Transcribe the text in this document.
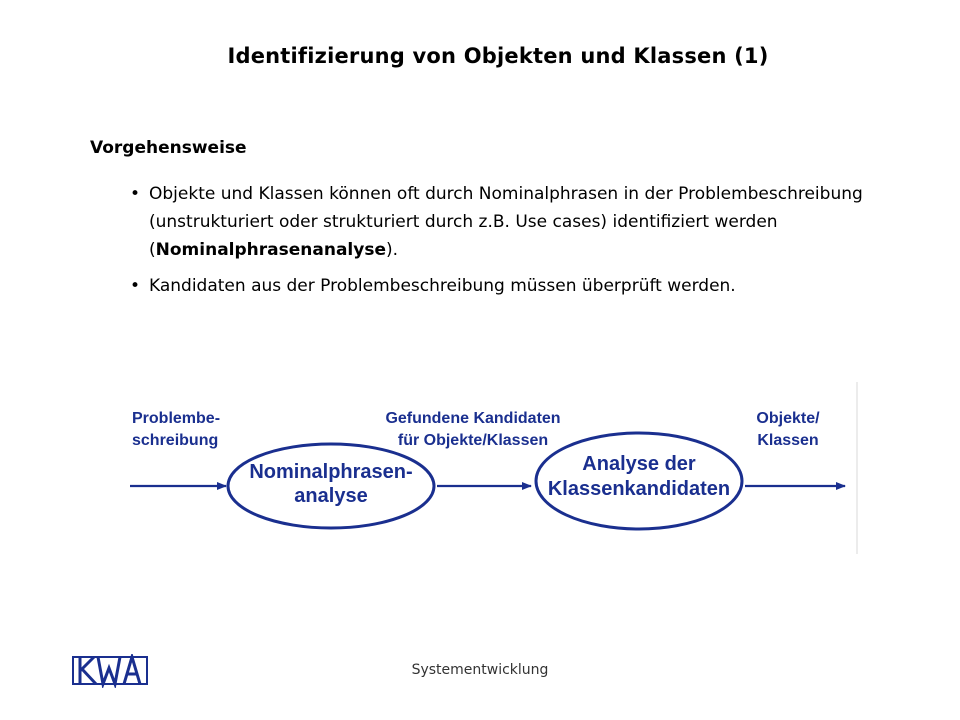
Identifizierung von Objekten und Klassen (1)
Vorgehensweise
• Objekte und Klassen können oft durch Nominalphrasen in der Problembeschreibung (unstrukturiert oder strukturiert durch z.B. Use cases) identifiziert werden (Nominalphrasenanalyse).
• Kandidaten aus der Problembeschreibung müssen überprüft werden.
Problembe-
schreibung
Nominalphrasen-
analyse
Gefundene Kandidaten
für Objekte/Klassen
Analyse der
Klassenkandidaten
Objekte/
Klassen
Systementwicklung
